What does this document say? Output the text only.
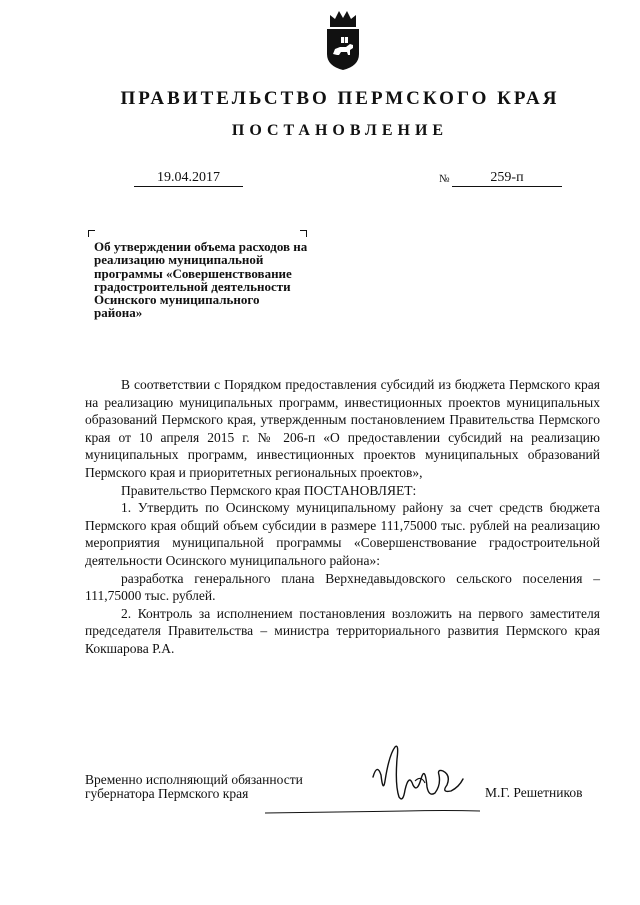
ПРАВИТЕЛЬСТВО ПЕРМСКОГО КРАЯ
ПОСТАНОВЛЕНИЕ
19.04.2017	№	259-п
Об утверждении объема расходов на реализацию муниципальной программы «Совершенствование градостроительной деятельности Осинского муниципального района»

В соответствии с Порядком предоставления субсидий из бюджета Пермского края на реализацию муниципальных программ, инвестиционных проектов муниципальных образований Пермского края, утвержденным постановлением Правительства Пермского края от 10 апреля 2015 г. № 206-п «О предоставлении субсидий на реализацию муниципальных программ, инвестиционных проектов муниципальных образований Пермского края и приоритетных региональных проектов»,

Правительство Пермского края ПОСТАНОВЛЯЕТ:

1. Утвердить по Осинскому муниципальному району за счет средств бюджета Пермского края общий объем субсидии в размере 111,75000 тыс. рублей на реализацию мероприятия муниципальной программы «Совершенствование градостроительной деятельности Осинского муниципального района»:

разработка генерального плана Верхнедавыдовского сельского поселения – 111,75000 тыс. рублей.

2. Контроль за исполнением постановления возложить на первого заместителя председателя Правительства – министра территориального развития Пермского края Кокшарова Р.А.

Временно исполняющий обязанности
губернатора Пермского края	М.Г. Решетников
